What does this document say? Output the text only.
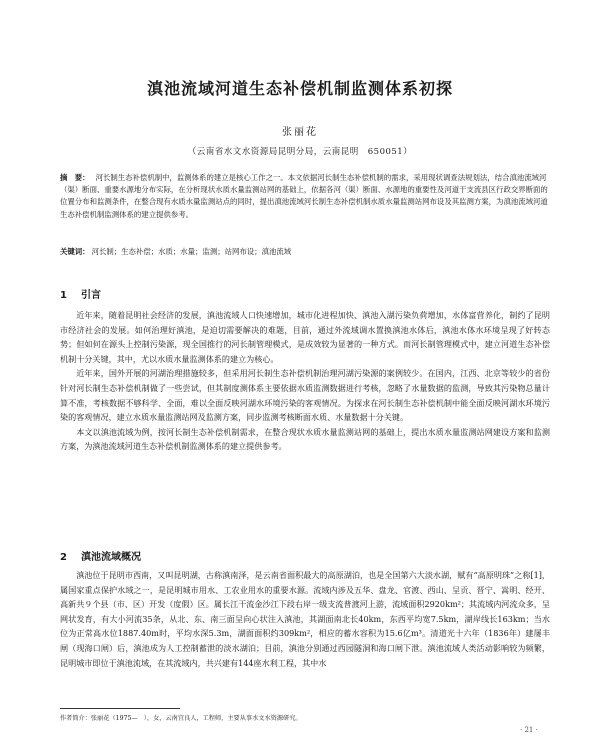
滇池流域河道生态补偿机制监测体系初探
张丽花
（云南省水文水资源局昆明分局，云南昆明　650051）
摘　要： 河长制生态补偿机制中，监测体系的建立是核心工作之一。本文依据河长制生态补偿机制的需求，采用现状调查法规划法，结合滇池流域河（渠）断面、重要水源地分布实际，在分析现状水质水量监测站网的基础上，依据各河（渠）断面、水源地的重要性及河道干支流县区行政交界断面的位置分布和监测条件，在整合现有水质水量监测站点的同时，提出滇池流域河长制生态补偿机制水质水量监测站网布设及其监测方案，为滇池流域河道生态补偿机制监测体系的建立提供参考。
关键词： 河长制；生态补偿；水质；水量；监测；站网布设；滇池流域
1 引言

近年来，随着昆明社会经济的发展，滇池流域人口快速增加，城市化进程加快、滇池入湖污染负荷增加，水体富营养化，制约了昆明市经济社会的发展。如何治理好滇池，是迫切需要解决的难题，目前，通过外流域调水置换滇池水体后，滇池水体水环境呈现了好转态势；但如何在源头上控制污染源，现全国推行的河长制管理模式，是成效较为显著的一种方式。而河长制管理模式中，建立河道生态补偿机制十分关键，其中，尤以水质水量监测体系的建立为核心。

近年来，国外开展的河湖治理措施较多，但采用河长制生态补偿机制治理河湖污染源的案例较少。在国内，江西、北京等较少的省份针对河长制生态补偿机制做了一些尝试，但其制度测体系主要依据水质监测数据进行考核，忽略了水量数据的监测，导致其污染物总量计算不准，考核数据不够科学、全面，难以全面反映河湖水环境污染的客观情况。为探求在河长制生态补偿机制中能全面反映河湖水环境污染的客观情况，建立水质水量监测站网及监测方案，同步监测考核断面水质、水量数据十分关键。

本文以滇池流域为例，按河长制生态补偿机制需求，在整合现状水质水量监测站网的基础上，提出水质水量监测站网建设方案和监测方案，为滇池流域河道生态补偿机制监测体系的建立提供参考。

2 滇池流域概况

滇池位于昆明市西南，又叫昆明湖，古称滇南泽，是云南省面积最大的高原湖泊，也是全国第六大淡水湖，赋有“高原明珠”之称[1]，属国家重点保护水域之一，是昆明城市用水、工农业用水的重要水源。流域内涉及五华、盘龙、官渡、西山、呈贡、晋宁、嵩明、经开、高新共９个县（市、区）开发（度假）区。属长江干流金沙江下段右岸一级支流普渡河上游，流域面积2920km²；其流域内河流众多，呈网状发育，有大小河流35条，从北、东、南三面呈向心状注入滇池，其湖面南北长40km，东西平均宽7.5km，湖岸线长163km；当水位为正常高水位1887.40m时，平均水深5.3m，湖面面积约309km²，相应的蓄水容积为15.6亿m³。清道光十六年（1836年）建屡丰闸（现海口闸）后，滇池成为人工控制蓄泄的淡水湖泊；目前，滇池分别通过西园隧洞和海口闸下泄。滇池流域人类活动影响较为频繁，昆明城市即位于滇池流域，在其流域内，共兴建有144座水利工程，其中水

作者简介：张丽花（1975—　），女，云南宜良人，工程师，主要从事水文水资源研究。
· 21 ·
